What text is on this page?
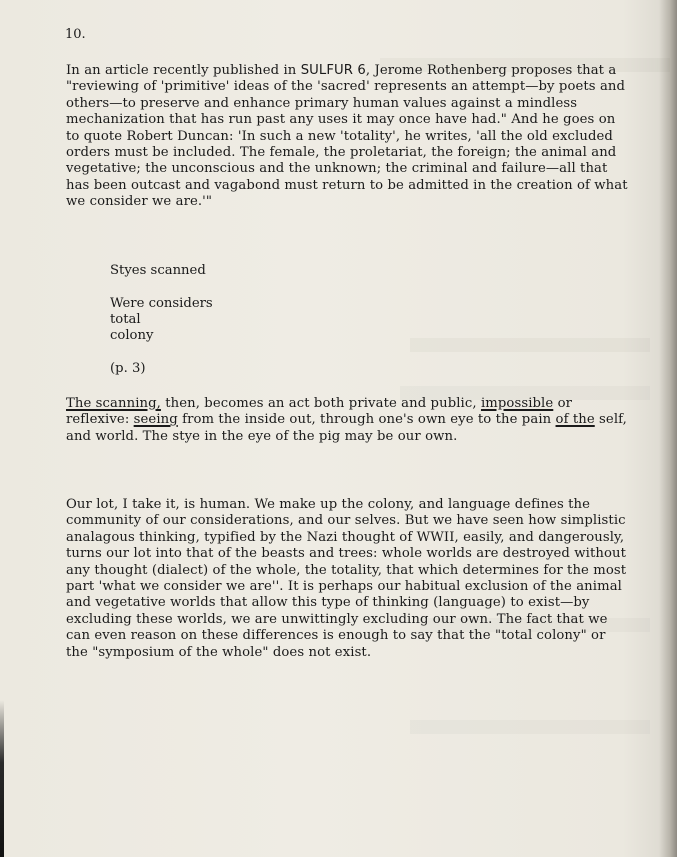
10.

In an article recently published in SULFUR 6, Jerome Rothenberg proposes that a "reviewing of 'primitive' ideas of the 'sacred' represents an attempt—by poets and others—to preserve and enhance primary human values against a mindless mechanization that has run past any uses it may once have had." And he goes on to quote Robert Duncan: 'In such a new 'totality', he writes, 'all the old excluded orders must be included. The female, the proletariat, the foreign; the animal and vegetative; the unconscious and the unknown; the criminal and failure—all that has been outcast and vagabond must return to be admitted in the creation of what we consider we are.'"

Styes scanned
Were considers
total
colony
(p. 3)

The scanning, then, becomes an act both private and public, impossible or reflexive: seeing from the inside out, through one's own eye to the pain of the self, and world. The stye in the eye of the pig may be our own.

Our lot, I take it, is human. We make up the colony, and language defines the community of our considerations, and our selves. But we have seen how simplistic analagous thinking, typified by the Nazi thought of WWII, easily, and dangerously, turns our lot into that of the beasts and trees: whole worlds are destroyed without any thought (dialect) of the whole, the totality, that which determines for the most part 'what we consider we are''. It is perhaps our habitual exclusion of the animal and vegetative worlds that allow this type of thinking (language) to exist—by excluding these worlds, we are unwittingly excluding our own. The fact that we can even reason on these differences is enough to say that the "total colony" or the "symposium of the whole" does not exist.
